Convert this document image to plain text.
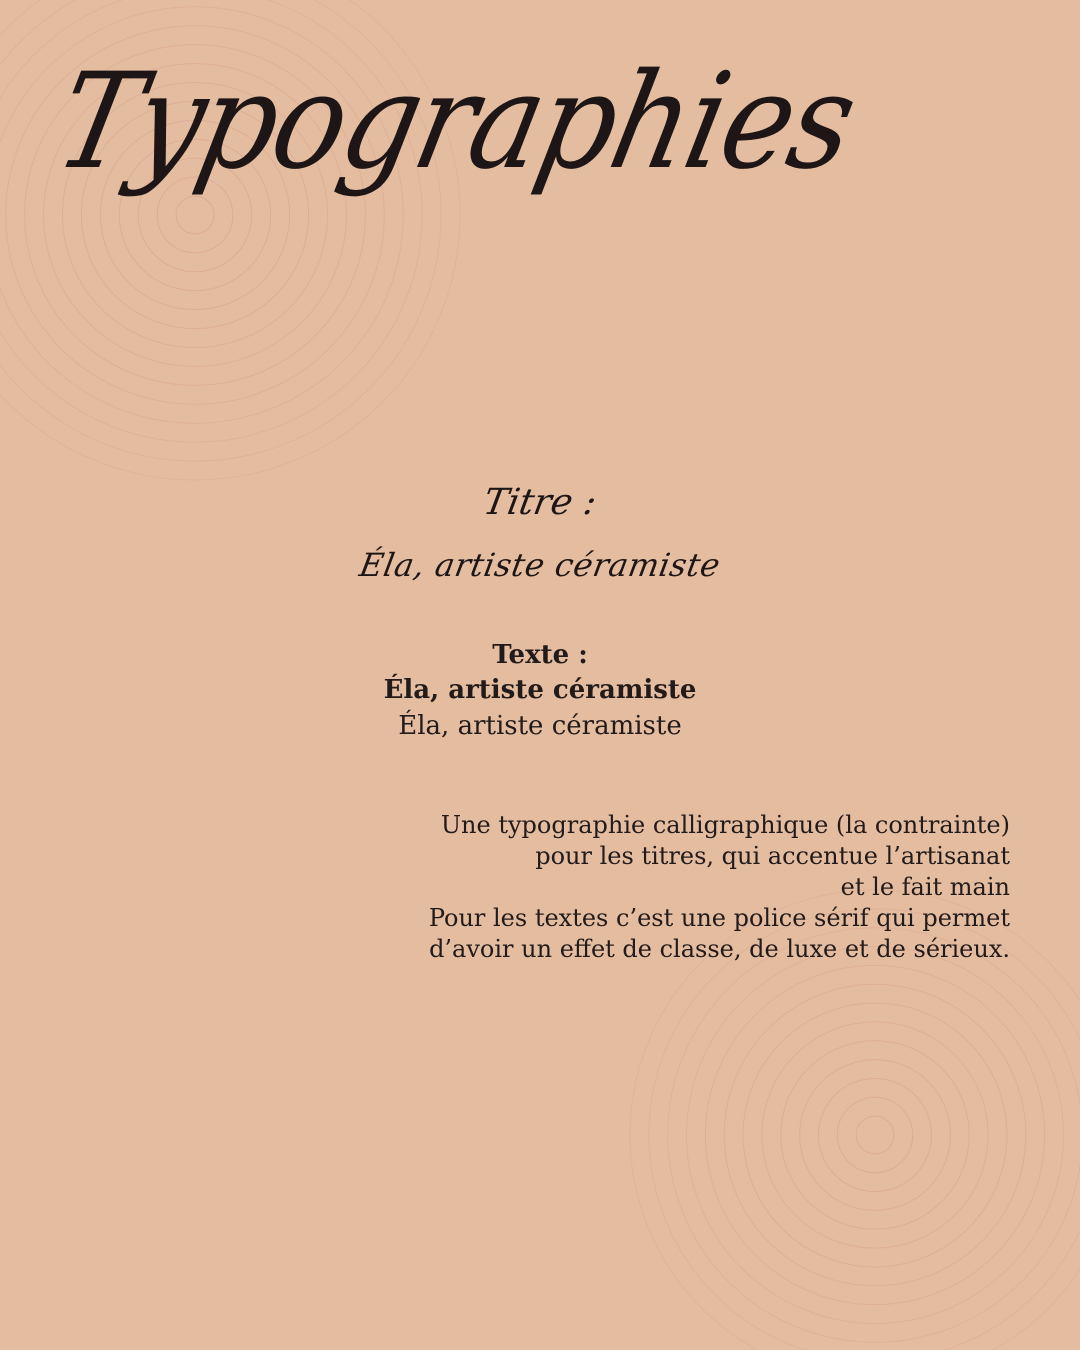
Typographies
Titre :
Éla, artiste céramiste
Texte :
Éla, artiste céramiste
Éla, artiste céramiste
Une typographie calligraphique (la contrainte)
pour les titres, qui accentue l’artisanat
et le fait main
Pour les textes c’est une police sérif qui permet
d’avoir un effet de classe, de luxe et de sérieux.
